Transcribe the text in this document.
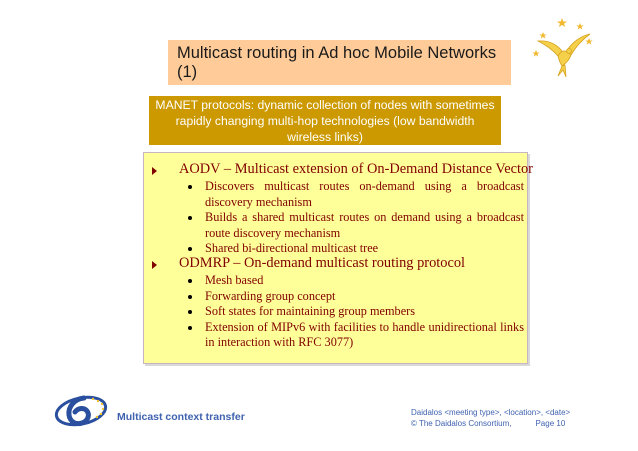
Multicast routing in Ad hoc Mobile Networks (1)
MANET protocols: dynamic collection of nodes with sometimes rapidly changing multi-hop technologies (low bandwidth wireless links)
AODV – Multicast extension of On-Demand Distance Vector
Discovers multicast routes on-demand using a broadcast discovery mechanism
Builds a shared multicast routes on demand using a broadcast route discovery mechanism
Shared bi-directional multicast tree
ODMRP – On-demand multicast routing protocol
Mesh based
Forwarding group concept
Soft states for maintaining group members
Extension of MIPv6 with facilities to handle unidirectional links in interaction with RFC 3077)
Multicast context transfer	Daidalos <meeting type>, <location>, <date>
© The Daidalos Consortium,	Page 10
